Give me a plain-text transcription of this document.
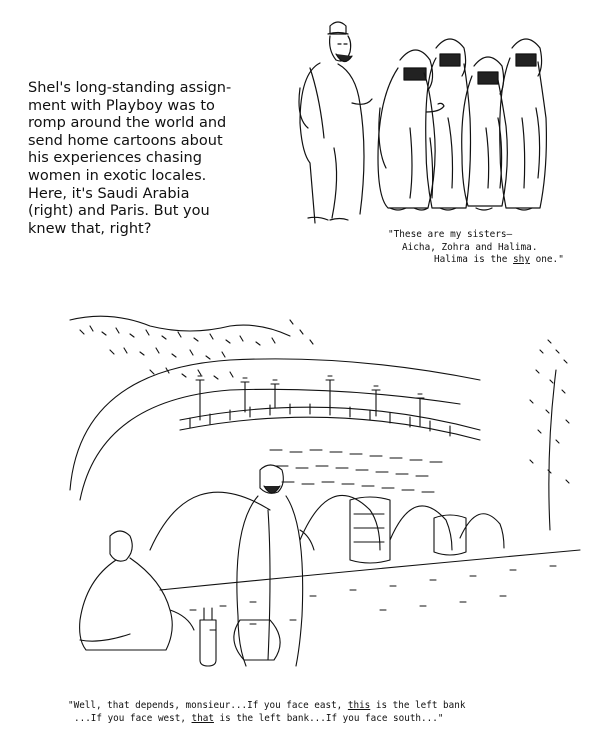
Shel's long-standing assign-
ment with Playboy was to
romp around the world and
send home cartoons about
his experiences chasing
women in exotic locales.
Here, it's Saudi Arabia
(right) and Paris. But you
knew that, right?	"These are my sisters—
Aicha, Zohra and Halima.
Halima is the shy one."
"Well, that depends, monsieur...If you face east, this is the left bank
...If you face west, that is the left bank...If you face south..."
